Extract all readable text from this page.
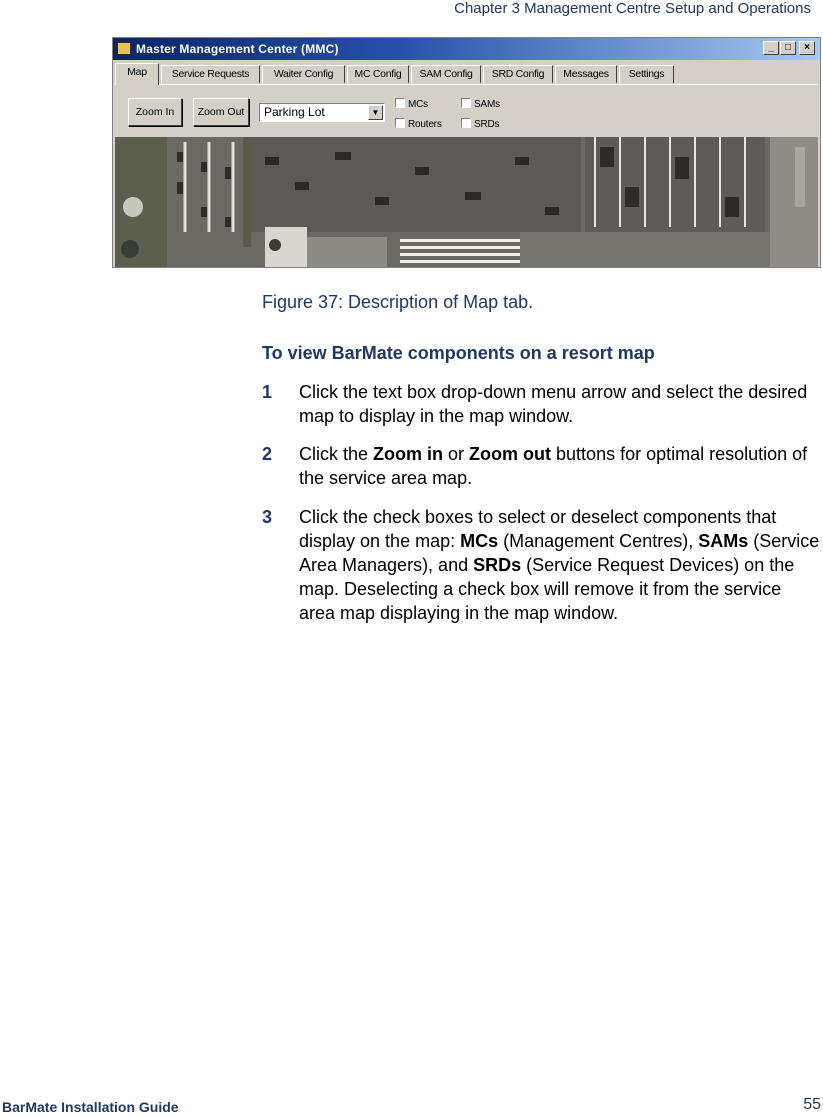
Chapter 3 Management Centre Setup and Operations
Master Management Center (MMC)	_	□	×
Map	Service Requests	Waiter Config	MC Config	SAM Config	SRD Config	Messages	Settings
Zoom In	Zoom Out	Parking Lot	▼
MCs
Routers
SAMs
SRDs
Figure 37: Description of Map tab.
To view BarMate components on a resort map
1 Click the text box drop-down menu arrow and select the desired map to display in the map window.
2 Click the Zoom in or Zoom out buttons for optimal resolution of the service area map.
3 Click the check boxes to select or deselect components that display on the map: MCs (Management Centres), SAMs (Service Area Managers), and SRDs (Service Request Devices) on the map. Deselecting a check box will remove it from the service area map displaying in the map window.
BarMate Installation Guide	55
